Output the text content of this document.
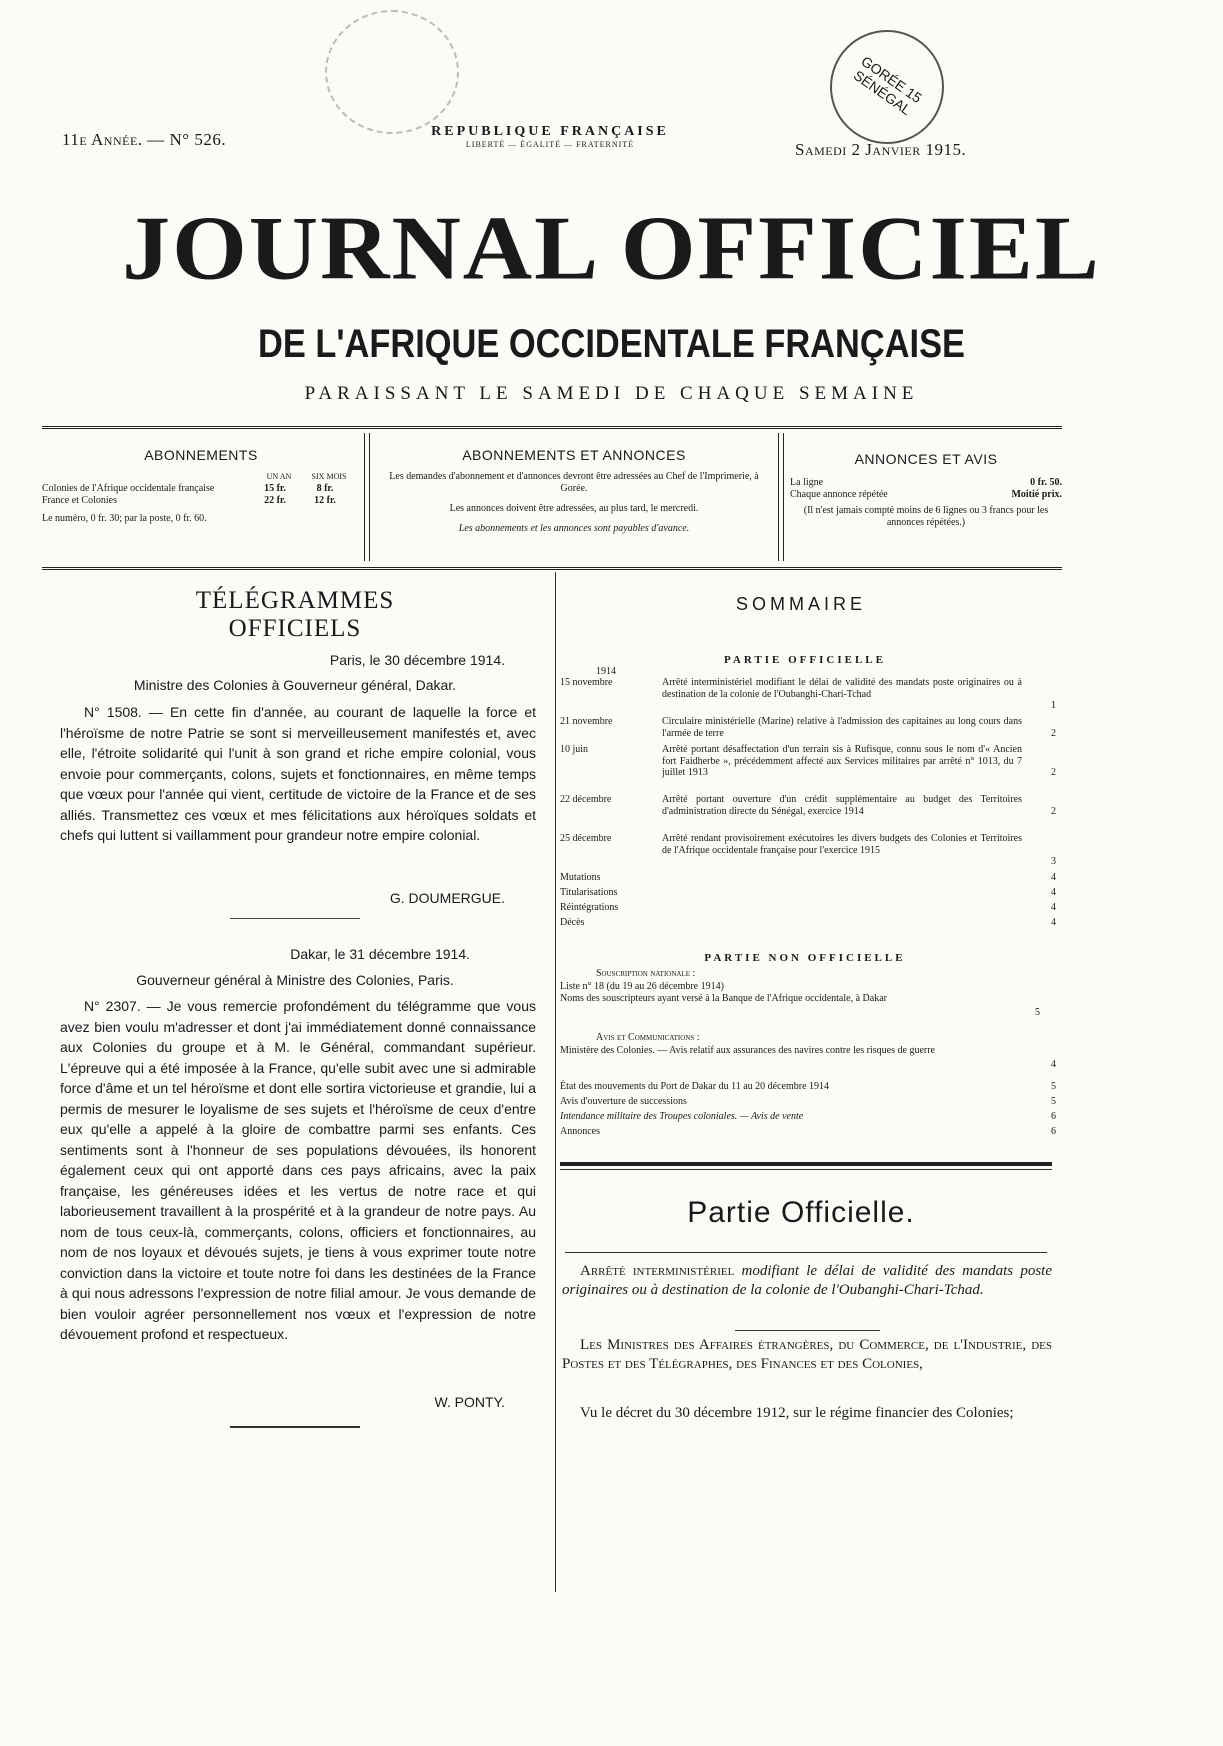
GORÉE 15 SÉNÉGAL
11e Année. — N° 526.	REPUBLIQUE FRANÇAISE
LIBERTÉ — ÉGALITÉ — FRATERNITÉ	Samedi 2 Janvier 1915.
JOURNAL OFFICIEL
DE L'AFRIQUE OCCIDENTALE FRANÇAISE
PARAISSANT LE SAMEDI DE CHAQUE SEMAINE
ABONNEMENTS
UN AN	SIX MOIS
Colonies de l'Afrique occidentale française	15 fr.	8 fr.
France et Colonies	22 fr.	12 fr.
Le numéro, 0 fr. 30; par la poste, 0 fr. 60.
ABONNEMENTS ET ANNONCES
Les demandes d'abonnement et d'annonces devront être adressées au Chef de l'Imprimerie, à Gorée.
Les annonces doivent être adressées, au plus tard, le mercredi.
Les abonnements et les annonces sont payables d'avance.
ANNONCES ET AVIS
La ligne	0 fr. 50.
Chaque annonce répétée	Moitié prix.
(Il n'est jamais compté moins de 6 lignes ou 3 francs pour les annonces répétées.)
TÉLÉGRAMMES OFFICIELS
Paris, le 30 décembre 1914.
Ministre des Colonies à Gouverneur général, Dakar.
N° 1508. — En cette fin d'année, au courant de laquelle la force et l'héroïsme de notre Patrie se sont si merveilleusement manifestés et, avec elle, l'étroite solidarité qui l'unit à son grand et riche empire colonial, vous envoie pour commerçants, colons, sujets et fonctionnaires, en même temps que vœux pour l'année qui vient, certitude de victoire de la France et de ses alliés. Transmettez ces vœux et mes félicitations aux héroïques soldats et chefs qui luttent si vaillamment pour grandeur notre empire colonial.
G. DOUMERGUE.
Dakar, le 31 décembre 1914.
Gouverneur général à Ministre des Colonies, Paris.
N° 2307. — Je vous remercie profondément du télégramme que vous avez bien voulu m'adresser et dont j'ai immédiatement donné connaissance aux Colonies du groupe et à M. le Général, commandant supérieur. L'épreuve qui a été imposée à la France, qu'elle subit avec une si admirable force d'âme et un tel héroïsme et dont elle sortira victorieuse et grandie, lui a permis de mesurer le loyalisme de ses sujets et l'héroïsme de ceux d'entre eux qu'elle a appelé à la gloire de combattre parmi ses enfants. Ces sentiments sont à l'honneur de ses populations dévouées, ils honorent également ceux qui ont apporté dans ces pays africains, avec la paix française, les généreuses idées et les vertus de notre race et qui laborieusement travaillent à la prospérité et à la grandeur de notre pays. Au nom de tous ceux-là, commerçants, colons, officiers et fonctionnaires, au nom de nos loyaux et dévoués sujets, je tiens à vous exprimer toute notre conviction dans la victoire et toute notre foi dans les destinées de la France à qui nous adressons l'expression de notre filial amour. Je vous demande de bien vouloir agréer personnellement nos vœux et l'expression de notre dévouement profond et respectueux.
W. PONTY.
SOMMAIRE
PARTIE OFFICIELLE
1914
15 novembre	Arrêté interministériel modifiant le délai de validité des mandats poste originaires ou à destination de la colonie de l'Oubanghi-Chari-Tchad
1
21 novembre	Circulaire ministérielle (Marine) relative à l'admission des capitaines au long cours dans l'armée de terre	2
10 juin	Arrêté portant désaffectation d'un terrain sis à Rufisque, connu sous le nom d'« Ancien fort Faidherbe », précédemment affecté aux Services militaires par arrêté n° 1013, du 7 juillet 1913	2
22 décembre	Arrêté portant ouverture d'un crédit supplémentaire au budget des Territoires d'administration directe du Sénégal, exercice 1914	2
25 décembre	Arrêté rendant provisoirement exécutoires les divers budgets des Colonies et Territoires de l'Afrique occidentale française pour l'exercice 1915
3
Mutations	4
Titularisations	4
Réintégrations	4
Décès	4
PARTIE NON OFFICIELLE
Souscription nationale :
Liste n° 18 (du 19 au 26 décembre 1914)
Noms des souscripteurs ayant versé à la Banque de l'Afrique occidentale, à Dakar
5
Avis et Communications :
Ministère des Colonies. — Avis relatif aux assurances des navires contre les risques de guerre
4
État des mouvements du Port de Dakar du 11 au 20 décembre 1914	5
Avis d'ouverture de successions	5
Intendance militaire des Troupes coloniales. — Avis de vente	6
Annonces	6
Partie Officielle.
Arrêté interministériel modifiant le délai de validité des mandats poste originaires ou à destination de la colonie de l'Oubanghi-Chari-Tchad.
Les Ministres des Affaires étrangères, du Commerce, de l'Industrie, des Postes et des Télégraphes, des Finances et des Colonies,
Vu le décret du 30 décembre 1912, sur le régime financier des Colonies;
